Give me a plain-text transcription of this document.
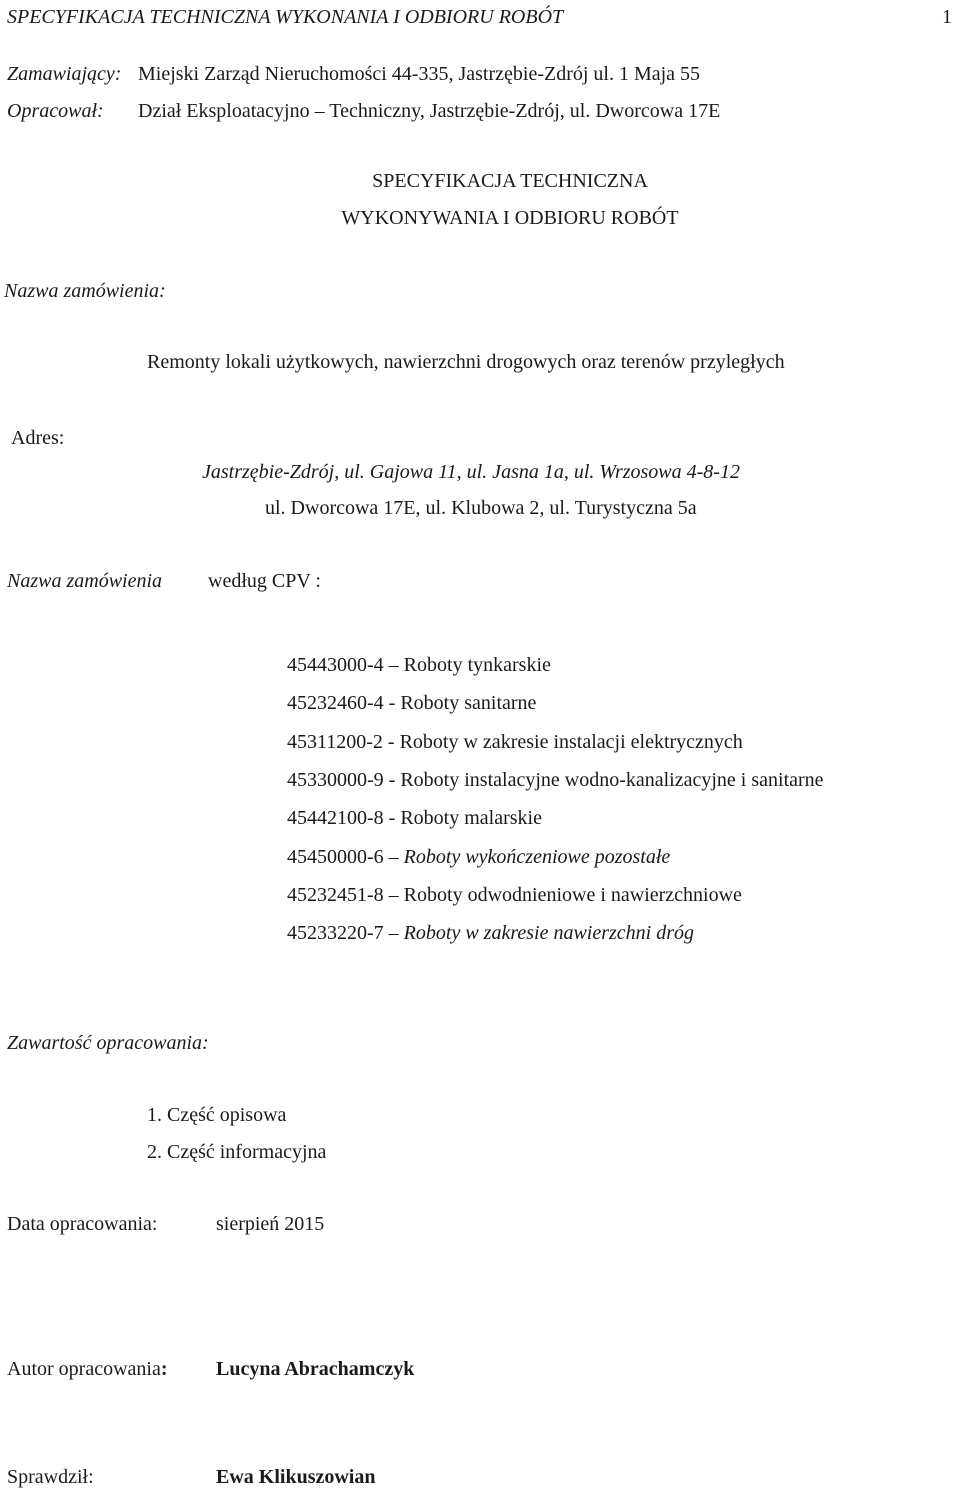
SPECYFIKACJA TECHNICZNA WYKONANIA I ODBIORU ROBÓT	1
Zamawiający: Miejski Zarząd Nieruchomości 44-335, Jastrzębie-Zdrój ul. 1 Maja 55
Opracował: Dział Eksploatacyjno – Techniczny, Jastrzębie-Zdrój, ul. Dworcowa 17E
SPECYFIKACJA TECHNICZNA
WYKONYWANIA I ODBIORU ROBÓT
Nazwa zamówienia:
Remonty lokali użytkowych, nawierzchni drogowych oraz terenów przyległych
Adres:
Jastrzębie-Zdrój, ul. Gajowa 11, ul. Jasna 1a, ul. Wrzosowa 4-8-12
ul. Dworcowa 17E, ul. Klubowa 2, ul. Turystyczna 5a
Nazwa zamówienia według CPV :
45443000-4 – Roboty tynkarskie
45232460-4 - Roboty sanitarne
45311200-2 - Roboty w zakresie instalacji elektrycznych
45330000-9 - Roboty instalacyjne wodno-kanalizacyjne i sanitarne
45442100-8 - Roboty malarskie
45450000-6 – Roboty wykończeniowe pozostałe
45232451-8 – Roboty odwodnieniowe i nawierzchniowe
45233220-7 – Roboty w zakresie nawierzchni dróg
Zawartość opracowania:
1. Część opisowa
2. Część informacyjna
Data opracowania:	sierpień 2015
Autor opracowania: Lucyna Abrachamczyk
Sprawdził:	Ewa Klikuszowian
